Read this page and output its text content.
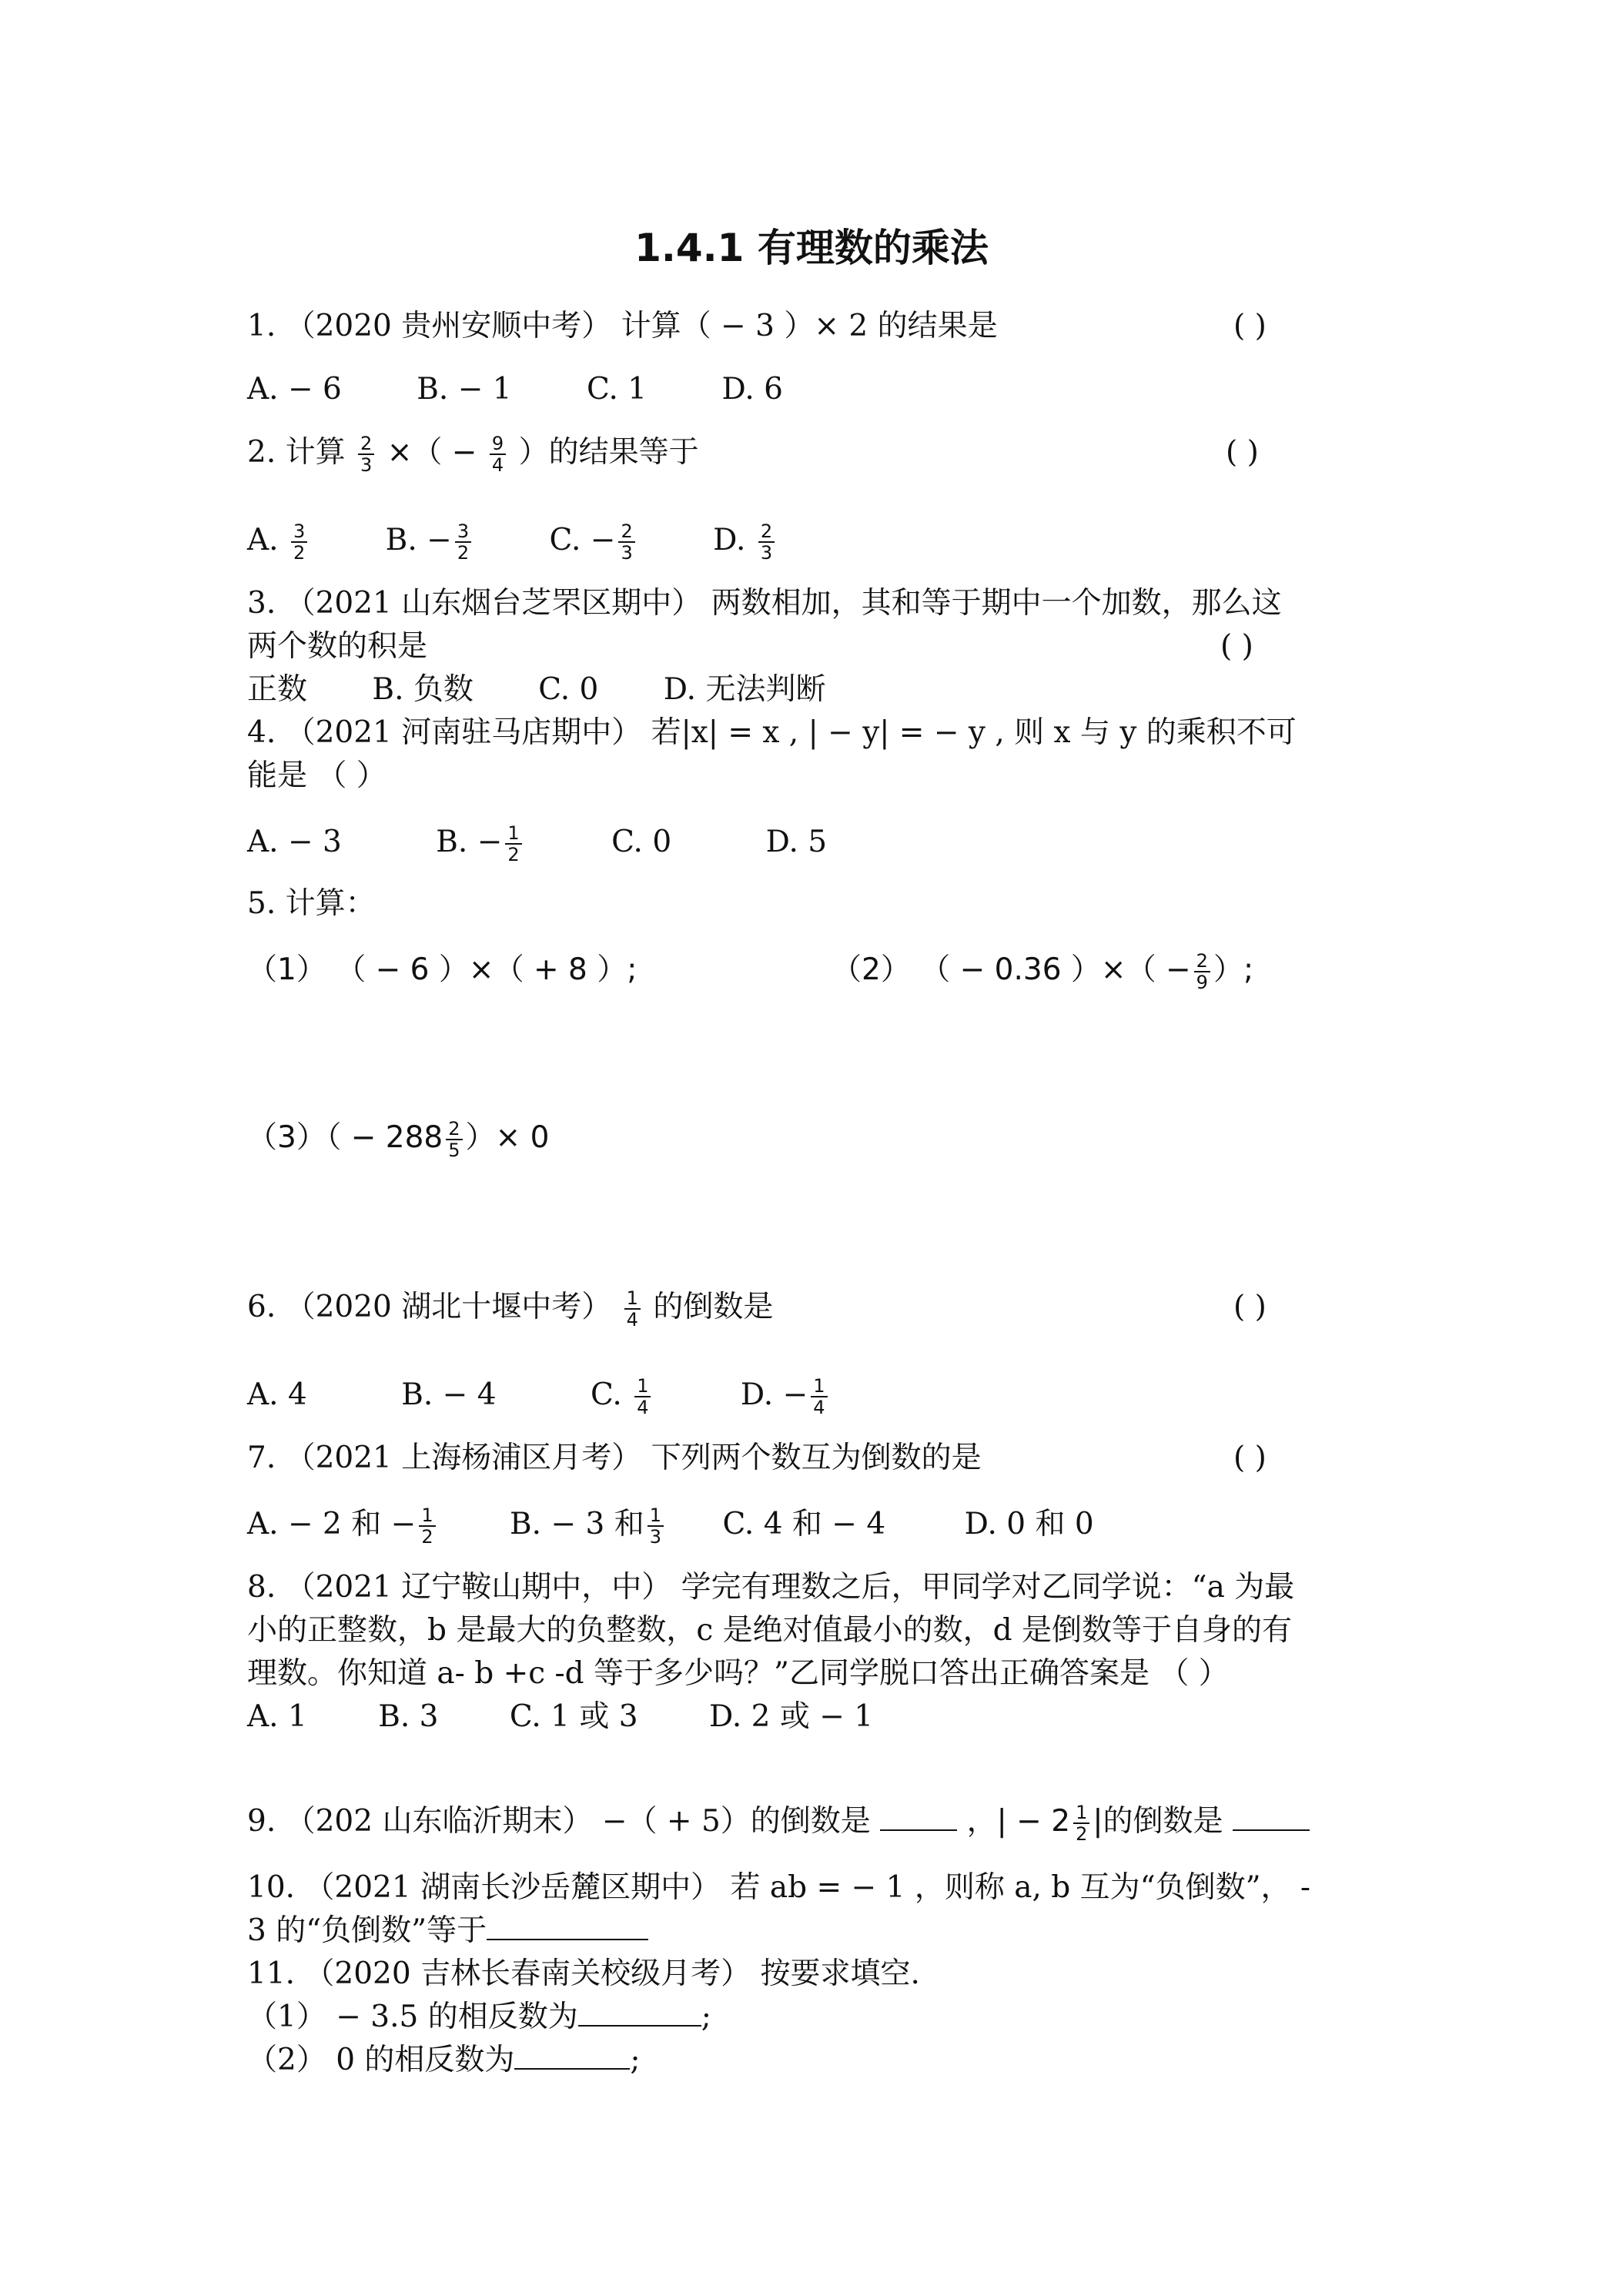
1.4.1 有理数的乘法
1. （2020 贵州安顺中考） 计算（ − 3 ）× 2 的结果是	( )
A. − 6 B. − 1 C. 1 D. 6
2. 计算 $\frac{2}{3}$ ×（ − $\frac{9}{4}$ ）的结果等于	( )
A. $\frac{3}{2}$	B. − $\frac{3}{2}$	C. − $\frac{2}{3}$	D. $\frac{2}{3}$
3. （2021 山东烟台芝罘区期中） 两数相加，其和等于期中一个加数，那么这
两个数的积是	( )
正数 B. 负数 C. 0 D. 无法判断
4. （2021 河南驻马店期中） 若|x| = x , | − y| = − y , 则 x 与 y 的乘积不可
能是 （ ）
A. − 3	B. − $\frac{1}{2}$	C. 0	D. 5
5. 计算：
（1） （ − 6 ）×（ + 8 ）;	（2） （ − 0.36 ）×（ − $\frac{2}{9}$ ）;
$(3)( - 288 \frac{2}{5}$ ）× 0
6. （2020 湖北十堰中考） $\frac{1}{4}$ 的倒数是	( )
A. 4	B. − 4	C. $\frac{1}{4}$	D. − $\frac{1}{4}$
7. （2021 上海杨浦区月考） 下列两个数互为倒数的是	( )
A. − 2 和 − $\frac{1}{2} B$. − 3 和 $\frac{1}{3} C$. 4 和 − 4	D. 0 和 0
8. （2021 辽宁鞍山期中，中） 学完有理数之后，甲同学对乙同学说：“a 为最
小的正整数，b 是最大的负整数，c 是绝对值最小的数，d 是倒数等于自身的有
理数。你知道 a- b +c -d 等于多少吗？”乙同学脱口答出正确答案是 （ ）
A. 1 B. 3 C. 1 或 3 D. 2 或 − 1
9. （202 山东临沂期末） −（ + 5）的倒数是	，| − $2 \frac{1}{2}$ |的倒数是
10. （2021 湖南长沙岳麓区期中） 若 ab = − 1 ，则称 a, b 互为“负倒数”， -
3 的“负倒数”等于
11. （2020 吉林长春南关校级月考） 按要求填空.
（1） − 3.5 的相反数为	;
（2） 0 的相反数为	;
